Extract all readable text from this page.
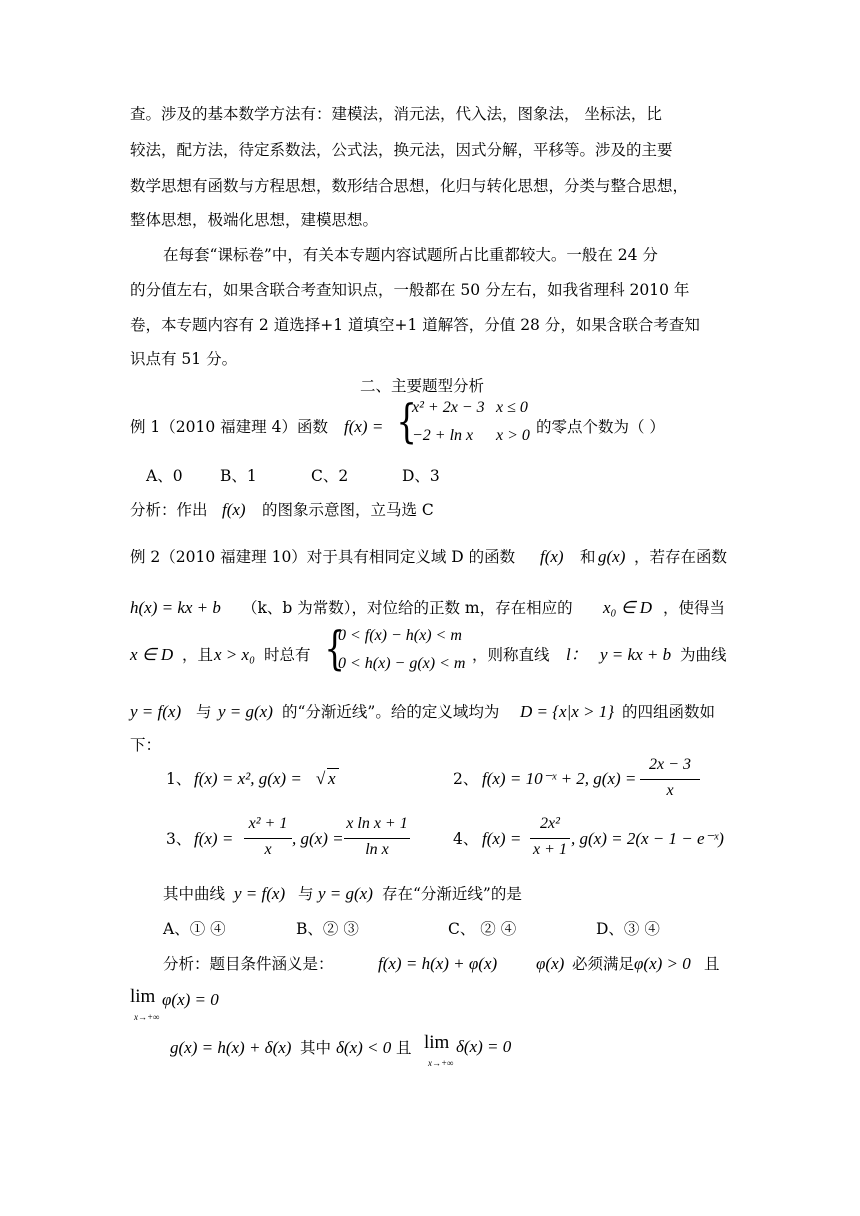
查。涉及的基本数学方法有：建模法，消元法，代入法，图象法， 坐标法，比
较法，配方法，待定系数法，公式法，换元法，因式分解，平移等。涉及的主要
数学思想有函数与方程思想，数形结合思想，化归与转化思想，分类与整合思想，
整体思想，极端化思想，建模思想。
在每套“课标卷”中，有关本专题内容试题所占比重都较大。一般在 24 分
的分值左右，如果含联合考查知识点，一般都在 50 分左右，如我省理科 2010 年
卷，本专题内容有 2 道选择+1 道填空+1 道解答，分值 28 分，如果含联合考查知
识点有 51 分。
二、主要题型分析
例 1（2010 福建理 4）函数 f(x) = {
x² + 2x − 3 x ≤ 0
−2 + ln x x > 0 的零点个数为（ ）
A、0 B、1	C、2	D、3
分析：作出 f(x) 的图象示意图，立马选 C
例 2（2010 福建理 10）对于具有相同定义域 D 的函数 f(x) 和 g(x) ，若存在函数
h(x) = kx + b （k、b 为常数），对位给的正数 m，存在相应的 x₀ ∈ D ，使得当
x ∈ D ，且 x > x₀ 时总有 {
0 < f(x) − h(x) < m
0 < h(x) − g(x) < m ，则称直线 l： y = kx + b 为曲线
y = f(x) 与 y = g(x) 的“分渐近线”。给的定义域均为 D = {x|x > 1} 的四组函数如
下：
1、 f(x) = x², g(x) = √ x	2、 f(x) = 10⁻ˣ + 2, g(x) =
2x − 3
x
3、 f(x) =
x² + 1
x
, g(x) =
x ln x + 1
ln x
4、 f(x) =
2x²
x + 1
, g(x) = 2(x − 1 − e⁻ˣ)
其中曲线 y = f(x) 与 y = g(x) 存在“分渐近线”的是
A、① ④	B、② ③	C、 ② ④	D、③ ④
分析：题目条件涵义是：	f(x) = h(x) + φ(x) φ(x) 必须满足 φ(x) > 0 且
lim
x→+∞
φ(x) = 0
g(x) = h(x) + δ(x) 其中 δ(x) < 0 且 lim
x→+∞
δ(x) = 0
